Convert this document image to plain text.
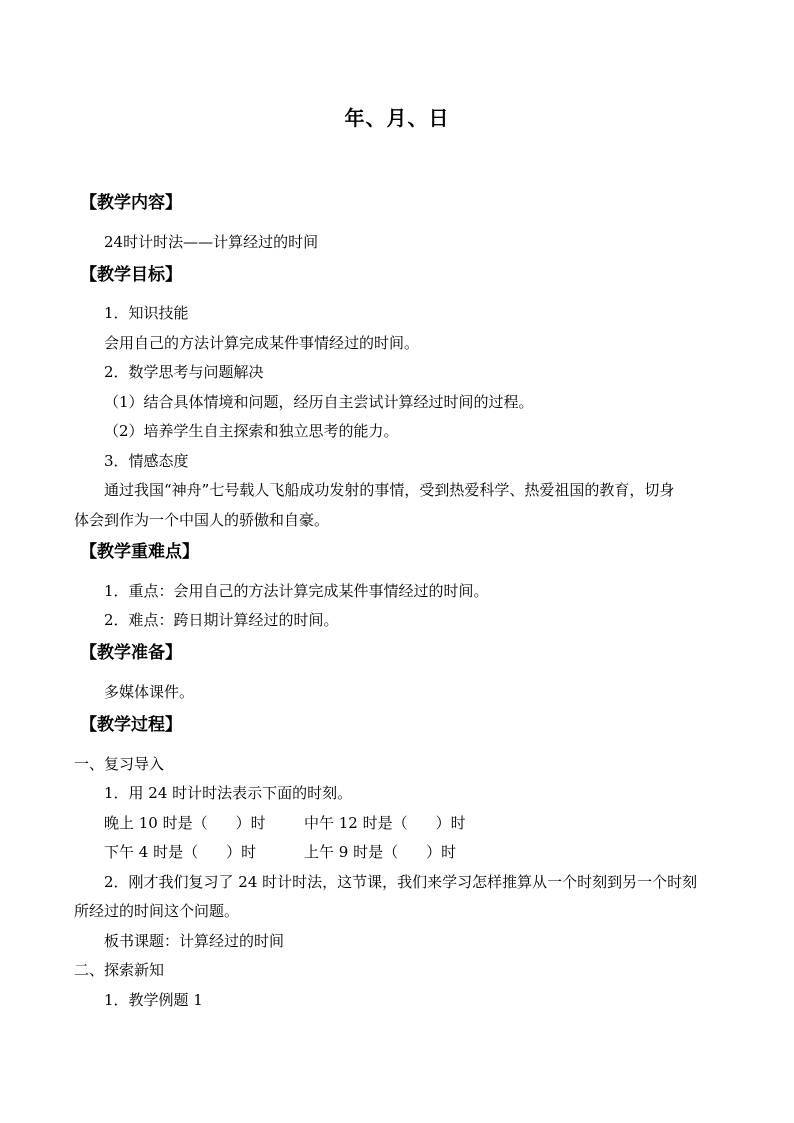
年、月、日
【教学内容】
24时计时法——计算经过的时间
【教学目标】
1．知识技能
会用自己的方法计算完成某件事情经过的时间。
2．数学思考与问题解决
（1）结合具体情境和问题，经历自主尝试计算经过时间的过程。
（2）培养学生自主探索和独立思考的能力。
3．情感态度
通过我国“神舟”七号载人飞船成功发射的事情，受到热爱科学、热爱祖国的教育，切身
体会到作为一个中国人的骄傲和自豪。
【教学重难点】
1．重点：会用自己的方法计算完成某件事情经过的时间。
2．难点：跨日期计算经过的时间。
【教学准备】
多媒体课件。
【教学过程】
一、复习导入
1．用 24 时计时法表示下面的时刻。
晚上 10 时是（ ）时	中午 12 时是（ ）时
下午 4 时是（ ）时	上午 9 时是（ ）时
2．刚才我们复习了 24 时计时法，这节课，我们来学习怎样推算从一个时刻到另一个时刻
所经过的时间这个问题。
板书课题：计算经过的时间
二、探索新知
1．教学例题 1
